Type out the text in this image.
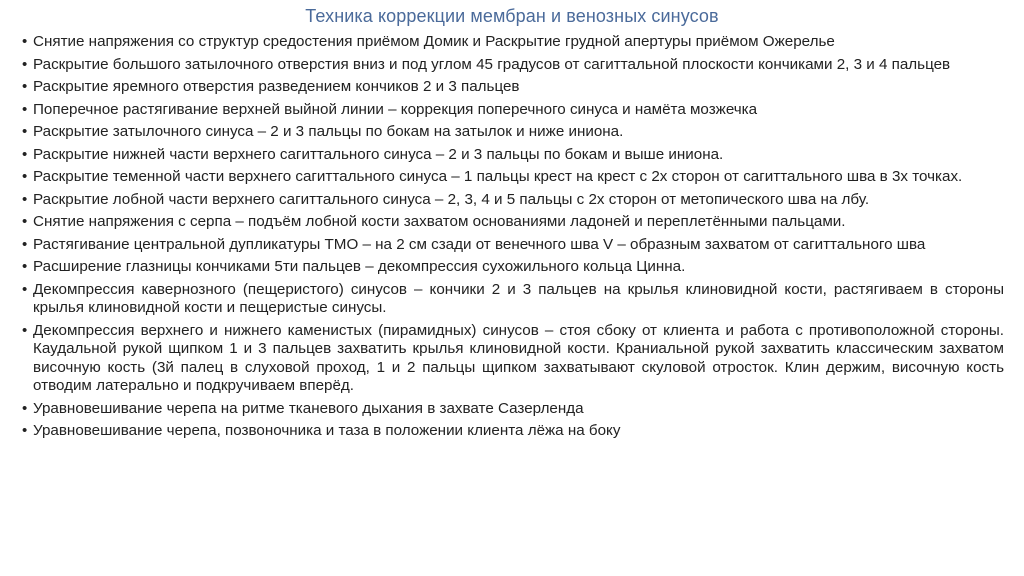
Техника коррекции мембран и венозных синусов
• Снятие напряжения со структур средостения приёмом Домик и Раскрытие грудной апертуры приёмом Ожерелье
• Раскрытие большого затылочного отверстия вниз и под углом 45 градусов от сагиттальной плоскости кончиками 2, 3 и 4 пальцев
• Раскрытие яремного отверстия разведением кончиков 2 и 3 пальцев
• Поперечное растягивание верхней выйной линии – коррекция поперечного синуса и намёта мозжечка
• Раскрытие затылочного синуса – 2 и 3 пальцы по бокам на затылок и ниже иниона.
• Раскрытие нижней части верхнего сагиттального синуса – 2 и 3 пальцы по бокам и выше иниона.
• Раскрытие теменной части верхнего сагиттального синуса – 1 пальцы крест на крест с 2х сторон от сагиттального шва в 3х точках.
• Раскрытие лобной части верхнего сагиттального синуса – 2, 3, 4 и 5 пальцы с 2х сторон от метопического шва на лбу.
• Снятие напряжения с серпа – подъём лобной кости захватом основаниями ладоней и переплетёнными пальцами.
• Растягивание центральной дупликатуры ТМО – на 2 см сзади от венечного шва V – образным захватом от сагиттального шва
• Расширение глазницы кончиками 5ти пальцев – декомпрессия сухожильного кольца Цинна.
• Декомпрессия кавернозного (пещеристого) синусов – кончики 2 и 3 пальцев на крылья клиновидной кости, растягиваем в стороны крылья клиновидной кости и пещеристые синусы.
• Декомпрессия верхнего и нижнего каменистых (пирамидных) синусов – стоя сбоку от клиента и работа с противоположной стороны. Каудальной рукой щипком 1 и 3 пальцев захватить крылья клиновидной кости. Краниальной рукой захватить классическим захватом височную кость (3й палец в слуховой проход, 1 и 2 пальцы щипком захватывают скуловой отросток. Клин держим, височную кость отводим латерально и подкручиваем вперёд.
• Уравновешивание черепа на ритме тканевого дыхания в захвате Сазерленда
• Уравновешивание черепа, позвоночника и таза в положении клиента лёжа на боку
